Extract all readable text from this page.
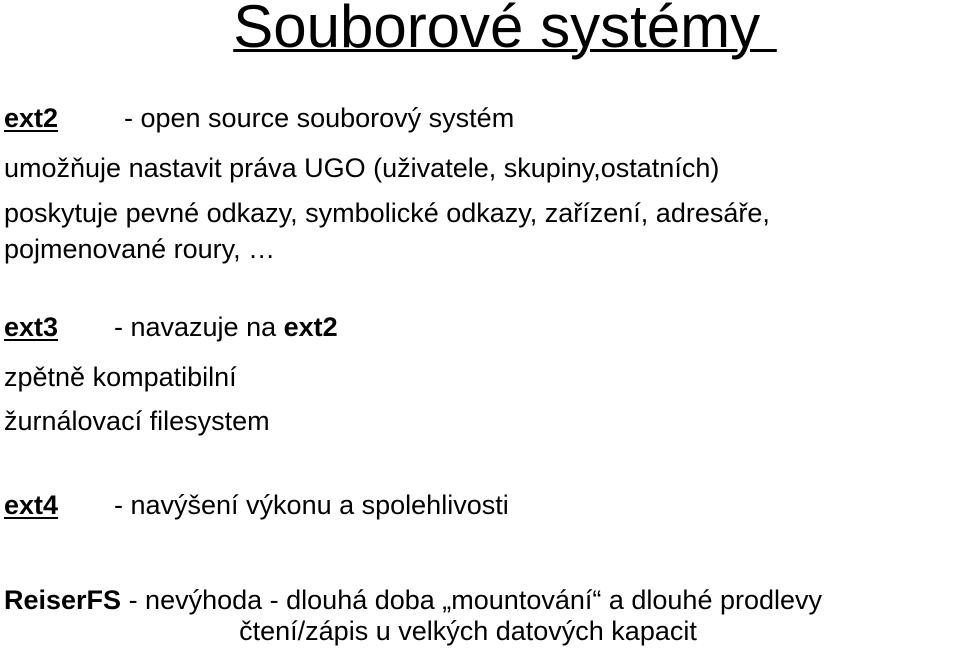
Souborové systémy
ext2 - open source souborový systém
umožňuje nastavit práva UGO (uživatele, skupiny,ostatních)
poskytuje pevné odkazy, symbolické odkazy, zařízení, adresáře,
pojmenované roury, …
ext3 - navazuje na ext2
zpětně kompatibilní
žurnálovací filesystem
ext4 - navýšení výkonu a spolehlivosti
ReiserFS - nevýhoda - dlouhá doba „mountování“ a dlouhé prodlevy
čtení/zápis u velkých datových kapacit
